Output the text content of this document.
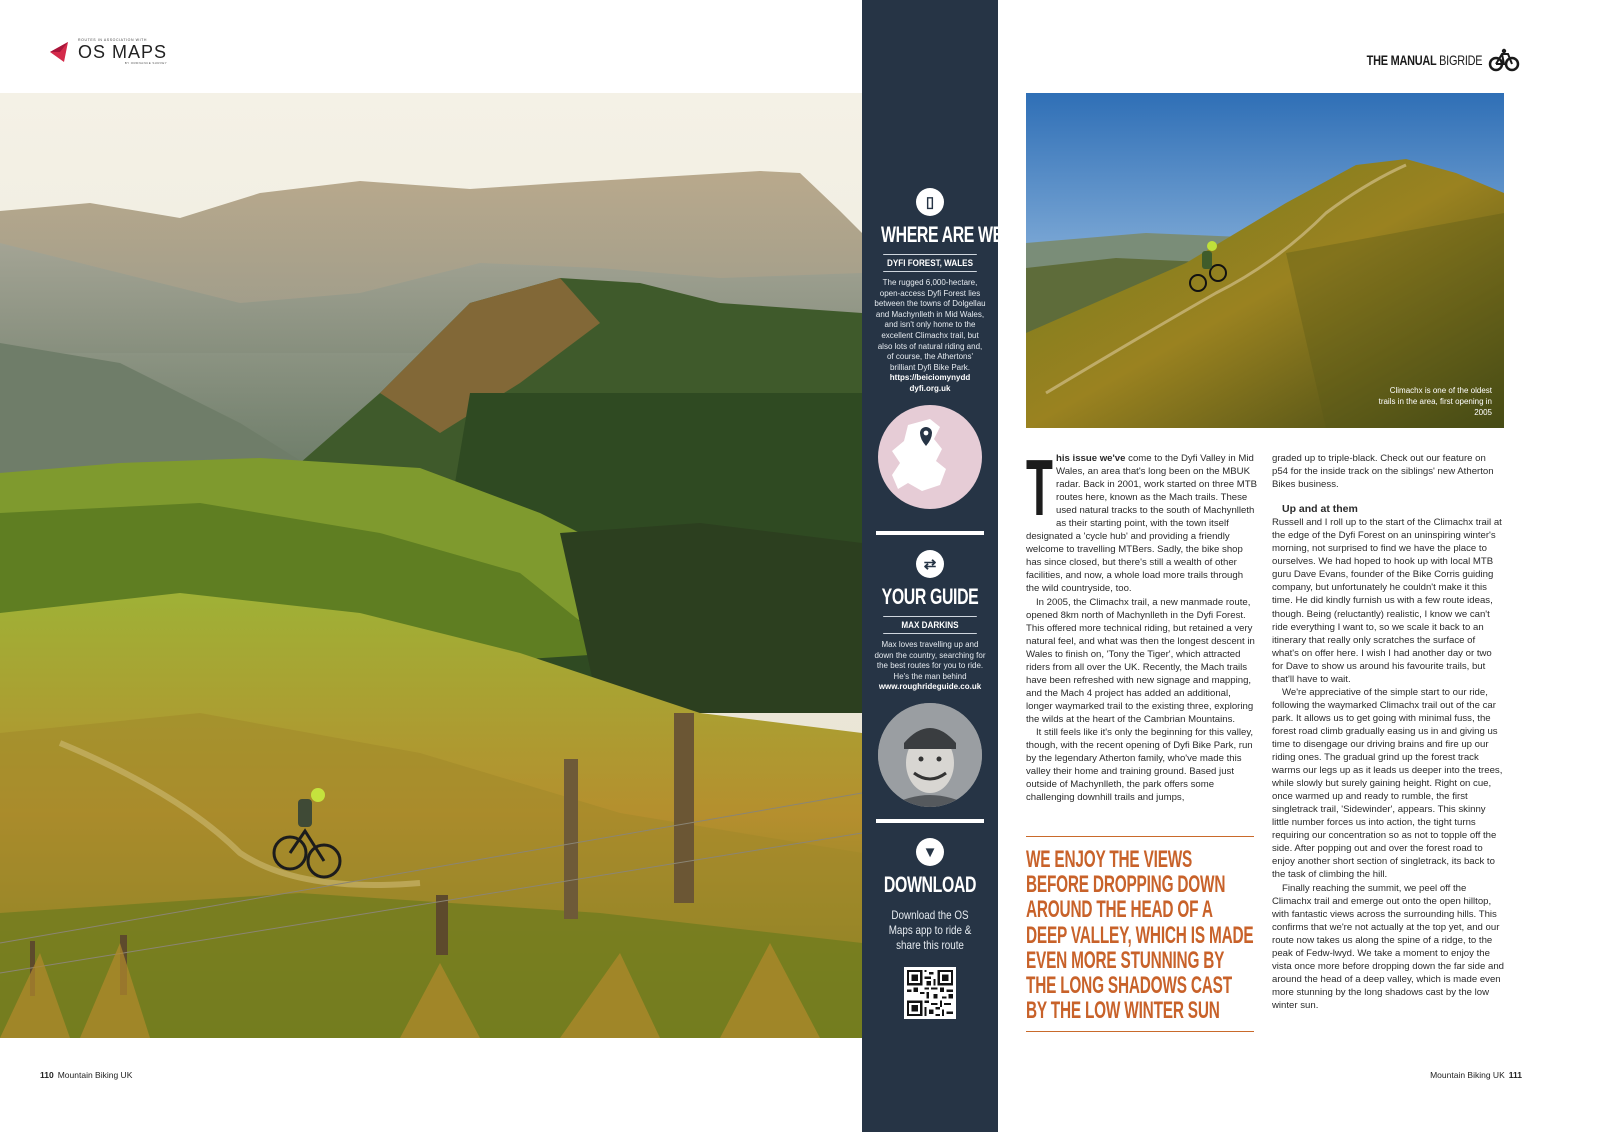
ROUTES IN ASSOCIATION WITH
OS MAPS
BY ORDNANCE SURVEY	THE MANUAL BIGRIDE
▯
WHERE ARE WE?
DYFI FOREST, WALES
The rugged 6,000-hectare, open-access Dyfi Forest lies between the towns of Dolgellau and Machynlleth in Mid Wales, and isn't only home to the excellent Climachx trail, but also lots of natural riding and, of course, the Athertons' brilliant Dyfi Bike Park. https://beiciomynydd dyfi.org.uk
⇄
YOUR GUIDE
MAX DARKINS
Max loves travelling up and down the country, searching for the best routes for you to ride. He's the man behind www.roughrideguide.co.uk
▼
DOWNLOAD
Download the OS Maps app to ride & share this route
Climachx is one of the oldest trails in the area, first opening in 2005

This issue we've come to the Dyfi Valley in Mid Wales, an area that's long been on the MBUK radar. Back in 2001, work started on three MTB routes here, known as the Mach trails. These used natural tracks to the south of Machynlleth as their starting point, with the town itself designated a 'cycle hub' and providing a friendly welcome to travelling MTBers. Sadly, the bike shop has since closed, but there's still a wealth of other facilities, and now, a whole load more trails through the wild countryside, too.

In 2005, the Climachx trail, a new manmade route, opened 8km north of Machynlleth in the Dyfi Forest. This offered more technical riding, but retained a very natural feel, and what was then the longest descent in Wales to finish on, 'Tony the Tiger', which attracted riders from all over the UK. Recently, the Mach trails have been refreshed with new signage and mapping, and the Mach 4 project has added an additional, longer waymarked trail to the existing three, exploring the wilds at the heart of the Cambrian Mountains.

It still feels like it's only the beginning for this valley, though, with the recent opening of Dyfi Bike Park, run by the legendary Atherton family, who've made this valley their home and training ground. Based just outside of Machynlleth, the park offers some challenging downhill trails and jumps,

graded up to triple-black. Check out our feature on p54 for the inside track on the siblings' new Atherton Bikes business.

Up and at them

Russell and I roll up to the start of the Climachx trail at the edge of the Dyfi Forest on an uninspiring winter's morning, not surprised to find we have the place to ourselves. We had hoped to hook up with local MTB guru Dave Evans, founder of the Bike Corris guiding company, but unfortunately he couldn't make it this time. He did kindly furnish us with a few route ideas, though. Being (reluctantly) realistic, I know we can't ride everything I want to, so we scale it back to an itinerary that really only scratches the surface of what's on offer here. I wish I had another day or two for Dave to show us around his favourite trails, but that'll have to wait.

We're appreciative of the simple start to our ride, following the waymarked Climachx trail out of the car park. It allows us to get going with minimal fuss, the forest road climb gradually easing us in and giving us time to disengage our driving brains and fire up our riding ones. The gradual grind up the forest track warms our legs up as it leads us deeper into the trees, while slowly but surely gaining height. Right on cue, once warmed up and ready to rumble, the first singletrack trail, 'Sidewinder', appears. This skinny little number forces us into action, the tight turns requiring our concentration so as not to topple off the side. After popping out and over the forest road to enjoy another short section of singletrack, its back to the task of climbing the hill.

Finally reaching the summit, we peel off the Climachx trail and emerge out onto the open hilltop, with fantastic views across the surrounding hills. This confirms that we're not actually at the top yet, and our route now takes us along the spine of a ridge, to the peak of Fedw-lwyd. We take a moment to enjoy the vista once more before dropping down the far side and around the head of a deep valley, which is made even more stunning by the long shadows cast by the low winter sun.

WE ENJOY THE VIEWS BEFORE DROPPING DOWN AROUND THE HEAD OF A DEEP VALLEY, WHICH IS MADE EVEN MORE STUNNING BY THE LONG SHADOWS CAST BY THE LOW WINTER SUN
110 Mountain Biking UK	Mountain Biking UK 111
